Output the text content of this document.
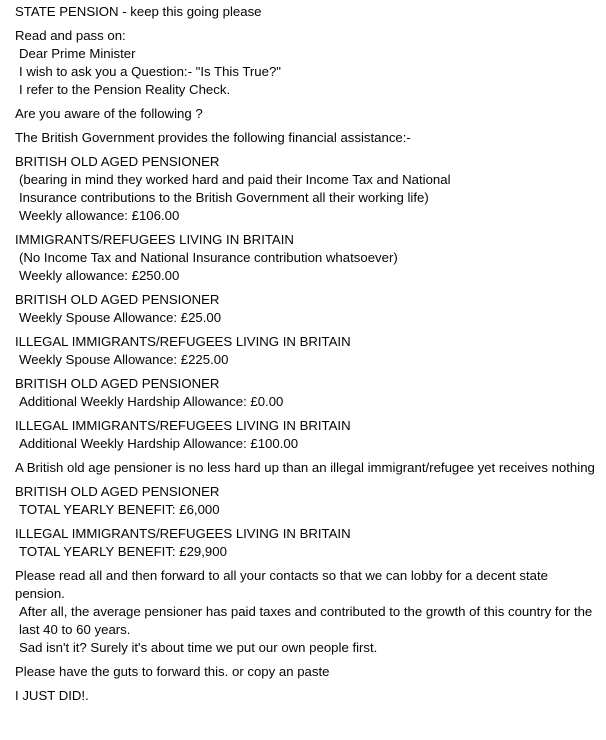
STATE PENSION - keep this going please
Read and pass on:
Dear Prime Minister
I wish to ask you a Question:- "Is This True?"
I refer to the Pension Reality Check.
Are you aware of the following ?
The British Government provides the following financial assistance:-
BRITISH OLD AGED PENSIONER
(bearing in mind they worked hard and paid their Income Tax and National
Insurance contributions to the British Government all their working life)
Weekly allowance: £106.00
IMMIGRANTS/REFUGEES LIVING IN BRITAIN
(No Income Tax and National Insurance contribution whatsoever)
Weekly allowance: £250.00
BRITISH OLD AGED PENSIONER
Weekly Spouse Allowance: £25.00
ILLEGAL IMMIGRANTS/REFUGEES LIVING IN BRITAIN
Weekly Spouse Allowance: £225.00
BRITISH OLD AGED PENSIONER
Additional Weekly Hardship Allowance: £0.00
ILLEGAL IMMIGRANTS/REFUGEES LIVING IN BRITAIN
Additional Weekly Hardship Allowance: £100.00
A British old age pensioner is no less hard up than an illegal immigrant/refugee yet receives nothing
BRITISH OLD AGED PENSIONER
TOTAL YEARLY BENEFIT: £6,000
ILLEGAL IMMIGRANTS/REFUGEES LIVING IN BRITAIN
TOTAL YEARLY BENEFIT: £29,900
Please read all and then forward to all your contacts so that we can lobby for a decent state pension.
After all, the average pensioner has paid taxes and contributed to the growth of this country for the last 40 to 60 years.
Sad isn't it? Surely it's about time we put our own people first.
Please have the guts to forward this. or copy an paste
I JUST DID!.
